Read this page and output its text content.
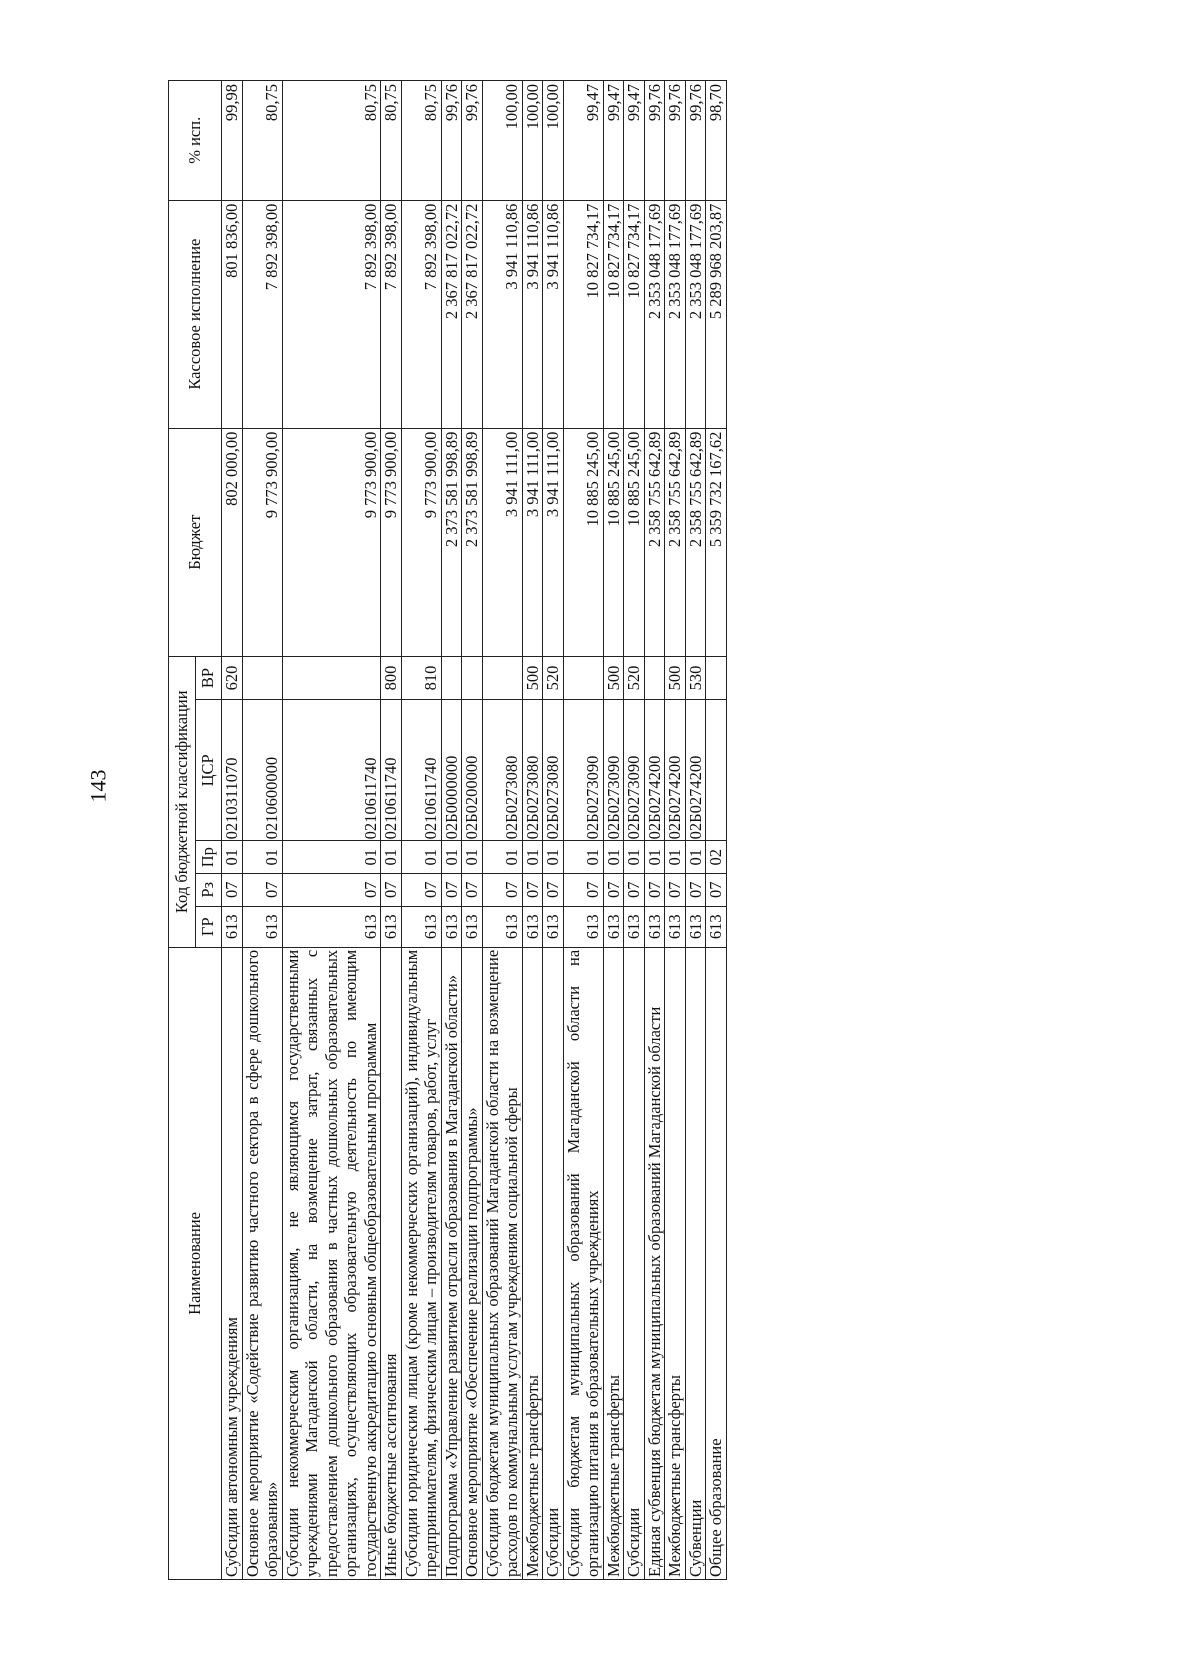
143
Наименование	Код бюджетной классификации					Бюджет	Кассовое исполнение	% исп.
	ГР	Рз	Пр	ЦСР	ВР			
Субсидии автономным учреждениям	613	07	01	0210311070	620	802 000,00	801 836,00	99,98
Основное мероприятие «Содействие развитию частного сектора в сфере дошкольного образования»	613	07	01	0210600000		9 773 900,00	7 892 398,00	80,75
Субсидии некоммерческим организациям, не являющимся государственными учреждениями Магаданской области, на возмещение затрат, связанных с предоставлением дошкольного образования в частных дошкольных образовательных организациях, осуществляющих образовательную деятельность по имеющим государственную аккредитацию основным общеобразовательным программам	613	07	01	0210611740		9 773 900,00	7 892 398,00	80,75
Иные бюджетные ассигнования	613	07	01	0210611740	800	9 773 900,00	7 892 398,00	80,75
Субсидии юридическим лицам (кроме некоммерческих организаций), индивидуальным предпринимателям, физическим лицам – производителям товаров, работ, услуг	613	07	01	0210611740	810	9 773 900,00	7 892 398,00	80,75
Подпрограмма «Управление развитием отрасли образования в Магаданской области»	613	07	01	02Б0000000		2 373 581 998,89	2 367 817 022,72	99,76
Основное мероприятие «Обеспечение реализации подпрограммы»	613	07	01	02Б0200000		2 373 581 998,89	2 367 817 022,72	99,76
Субсидии бюджетам муниципальных образований Магаданской области на возмещение расходов по коммунальным услугам учреждениям социальной сферы	613	07	01	02Б0273080		3 941 111,00	3 941 110,86	100,00
Межбюджетные трансферты	613	07	01	02Б0273080	500	3 941 111,00	3 941 110,86	100,00
Субсидии	613	07	01	02Б0273080	520	3 941 111,00	3 941 110,86	100,00
Субсидии бюджетам муниципальных образований Магаданской области на организацию питания в образовательных учреждениях	613	07	01	02Б0273090		10 885 245,00	10 827 734,17	99,47
Межбюджетные трансферты	613	07	01	02Б0273090	500	10 885 245,00	10 827 734,17	99,47
Субсидии	613	07	01	02Б0273090	520	10 885 245,00	10 827 734,17	99,47
Единая субвенция бюджетам муниципальных образований Магаданской области	613	07	01	02Б0274200		2 358 755 642,89	2 353 048 177,69	99,76
Межбюджетные трансферты	613	07	01	02Б0274200	500	2 358 755 642,89	2 353 048 177,69	99,76
Субвенции	613	07	01	02Б0274200	530	2 358 755 642,89	2 353 048 177,69	99,76
Общее образование	613	07	02			5 359 732 167,62	5 289 968 203,87	98,70
